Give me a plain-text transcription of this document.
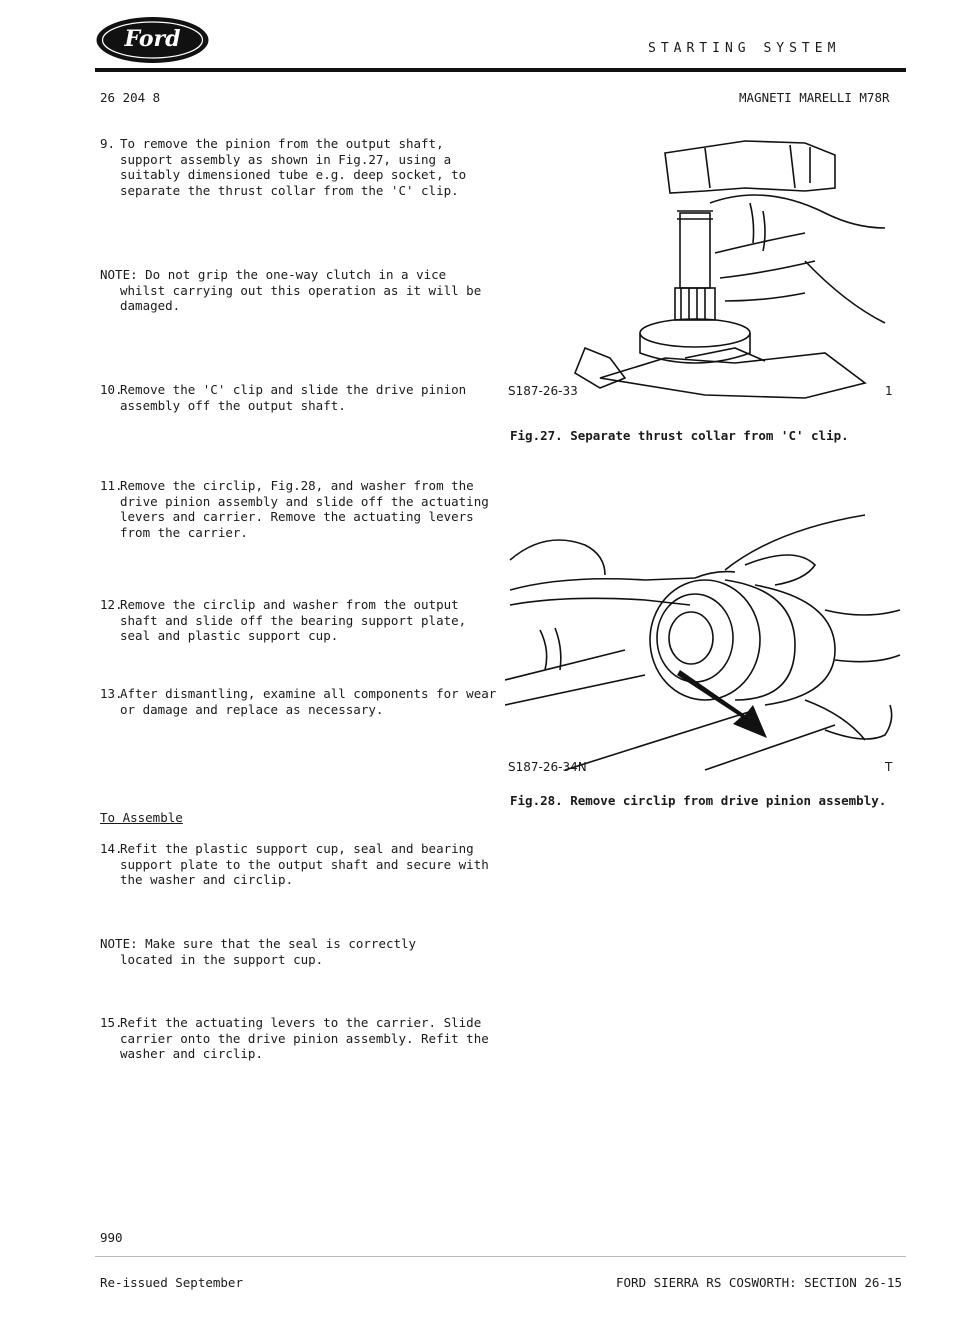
Ford	STARTING SYSTEM
26 204 8	MAGNETI MARELLI M78R
9. To remove the pinion from the output shaft, support assembly as shown in Fig.27, using a suitably dimensioned tube e.g. deep socket, to separate the thrust collar from the 'C' clip.
NOTE: Do not grip the one-way clutch in a vice
whilst carrying out this operation as it will be damaged.
10.
Remove the 'C' clip and slide the drive pinion assembly off the output shaft.
11.
Remove the circlip, Fig.28, and washer from the drive pinion assembly and slide off the actuating levers and carrier. Remove the actuating levers from the carrier.
12.
Remove the circlip and washer from the output shaft and slide off the bearing support plate, seal and plastic support cup.
13.
After dismantling, examine all components for wear or damage and replace as necessary.
To Assemble
14.
Refit the plastic support cup, seal and bearing support plate to the output shaft and secure with the washer and circlip.
NOTE: Make sure that the seal is correctly
located in the support cup.
15.
Refit the actuating levers to the carrier. Slide carrier onto the drive pinion assembly. Refit the washer and circlip.
S187-26-33	1
Fig.27. Separate thrust collar from 'C' clip.
S187-26-34N	T
Fig.28. Remove circlip from drive pinion assembly.
990
Re-issued September	FORD SIERRA RS COSWORTH: SECTION 26-15
